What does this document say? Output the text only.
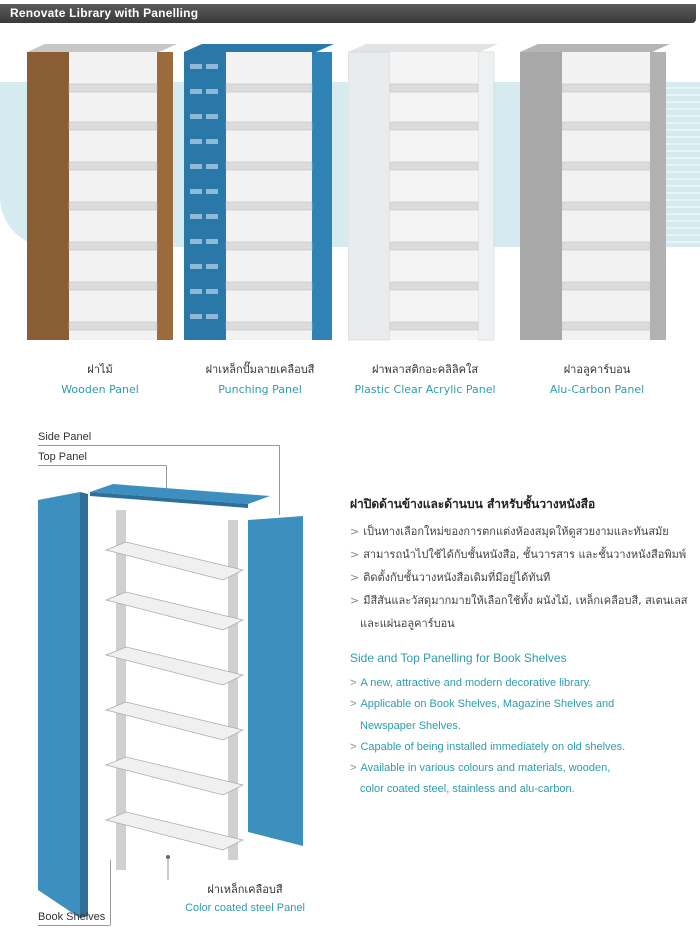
Renovate Library with Panelling
ฝาไม้
Wooden Panel
ฝาเหล็กปั๊มลายเคลือบสี
Punching Panel
ฝาพลาสติกอะคลิลิคใส
Plastic Clear Acrylic Panel
ฝาอลูคาร์บอน
Alu-Carbon Panel
Side Panel
Top Panel
ฝาเหล็กเคลือบสี
Color coated steel Panel
Book Shelves
ฝาปิดด้านข้างและด้านบน สำหรับชั้นวางหนังสือ
> เป็นทางเลือกใหม่ของการตกแต่งห้องสมุดให้ดูสวยงามและทันสมัย
> สามารถนำไปใช้ได้กับชั้นหนังสือ, ชั้นวารสาร และชั้นวางหนังสือพิมพ์
> ติดตั้งกับชั้นวางหนังสือเดิมที่มีอยู่ได้ทันที
> มีสีสันและวัสดุมากมายให้เลือกใช้ทั้ง ผนังไม้, เหล็กเคลือบสี, สเตนเลส
และแผ่นอลูคาร์บอน
Side and Top Panelling for Book Shelves
> A new, attractive and modern decorative library.
> Applicable on Book Shelves, Magazine Shelves and
Newspaper Shelves.
> Capable of being installed immediately on old shelves.
> Available in various colours and materials, wooden,
color coated steel, stainless and alu-carbon.
